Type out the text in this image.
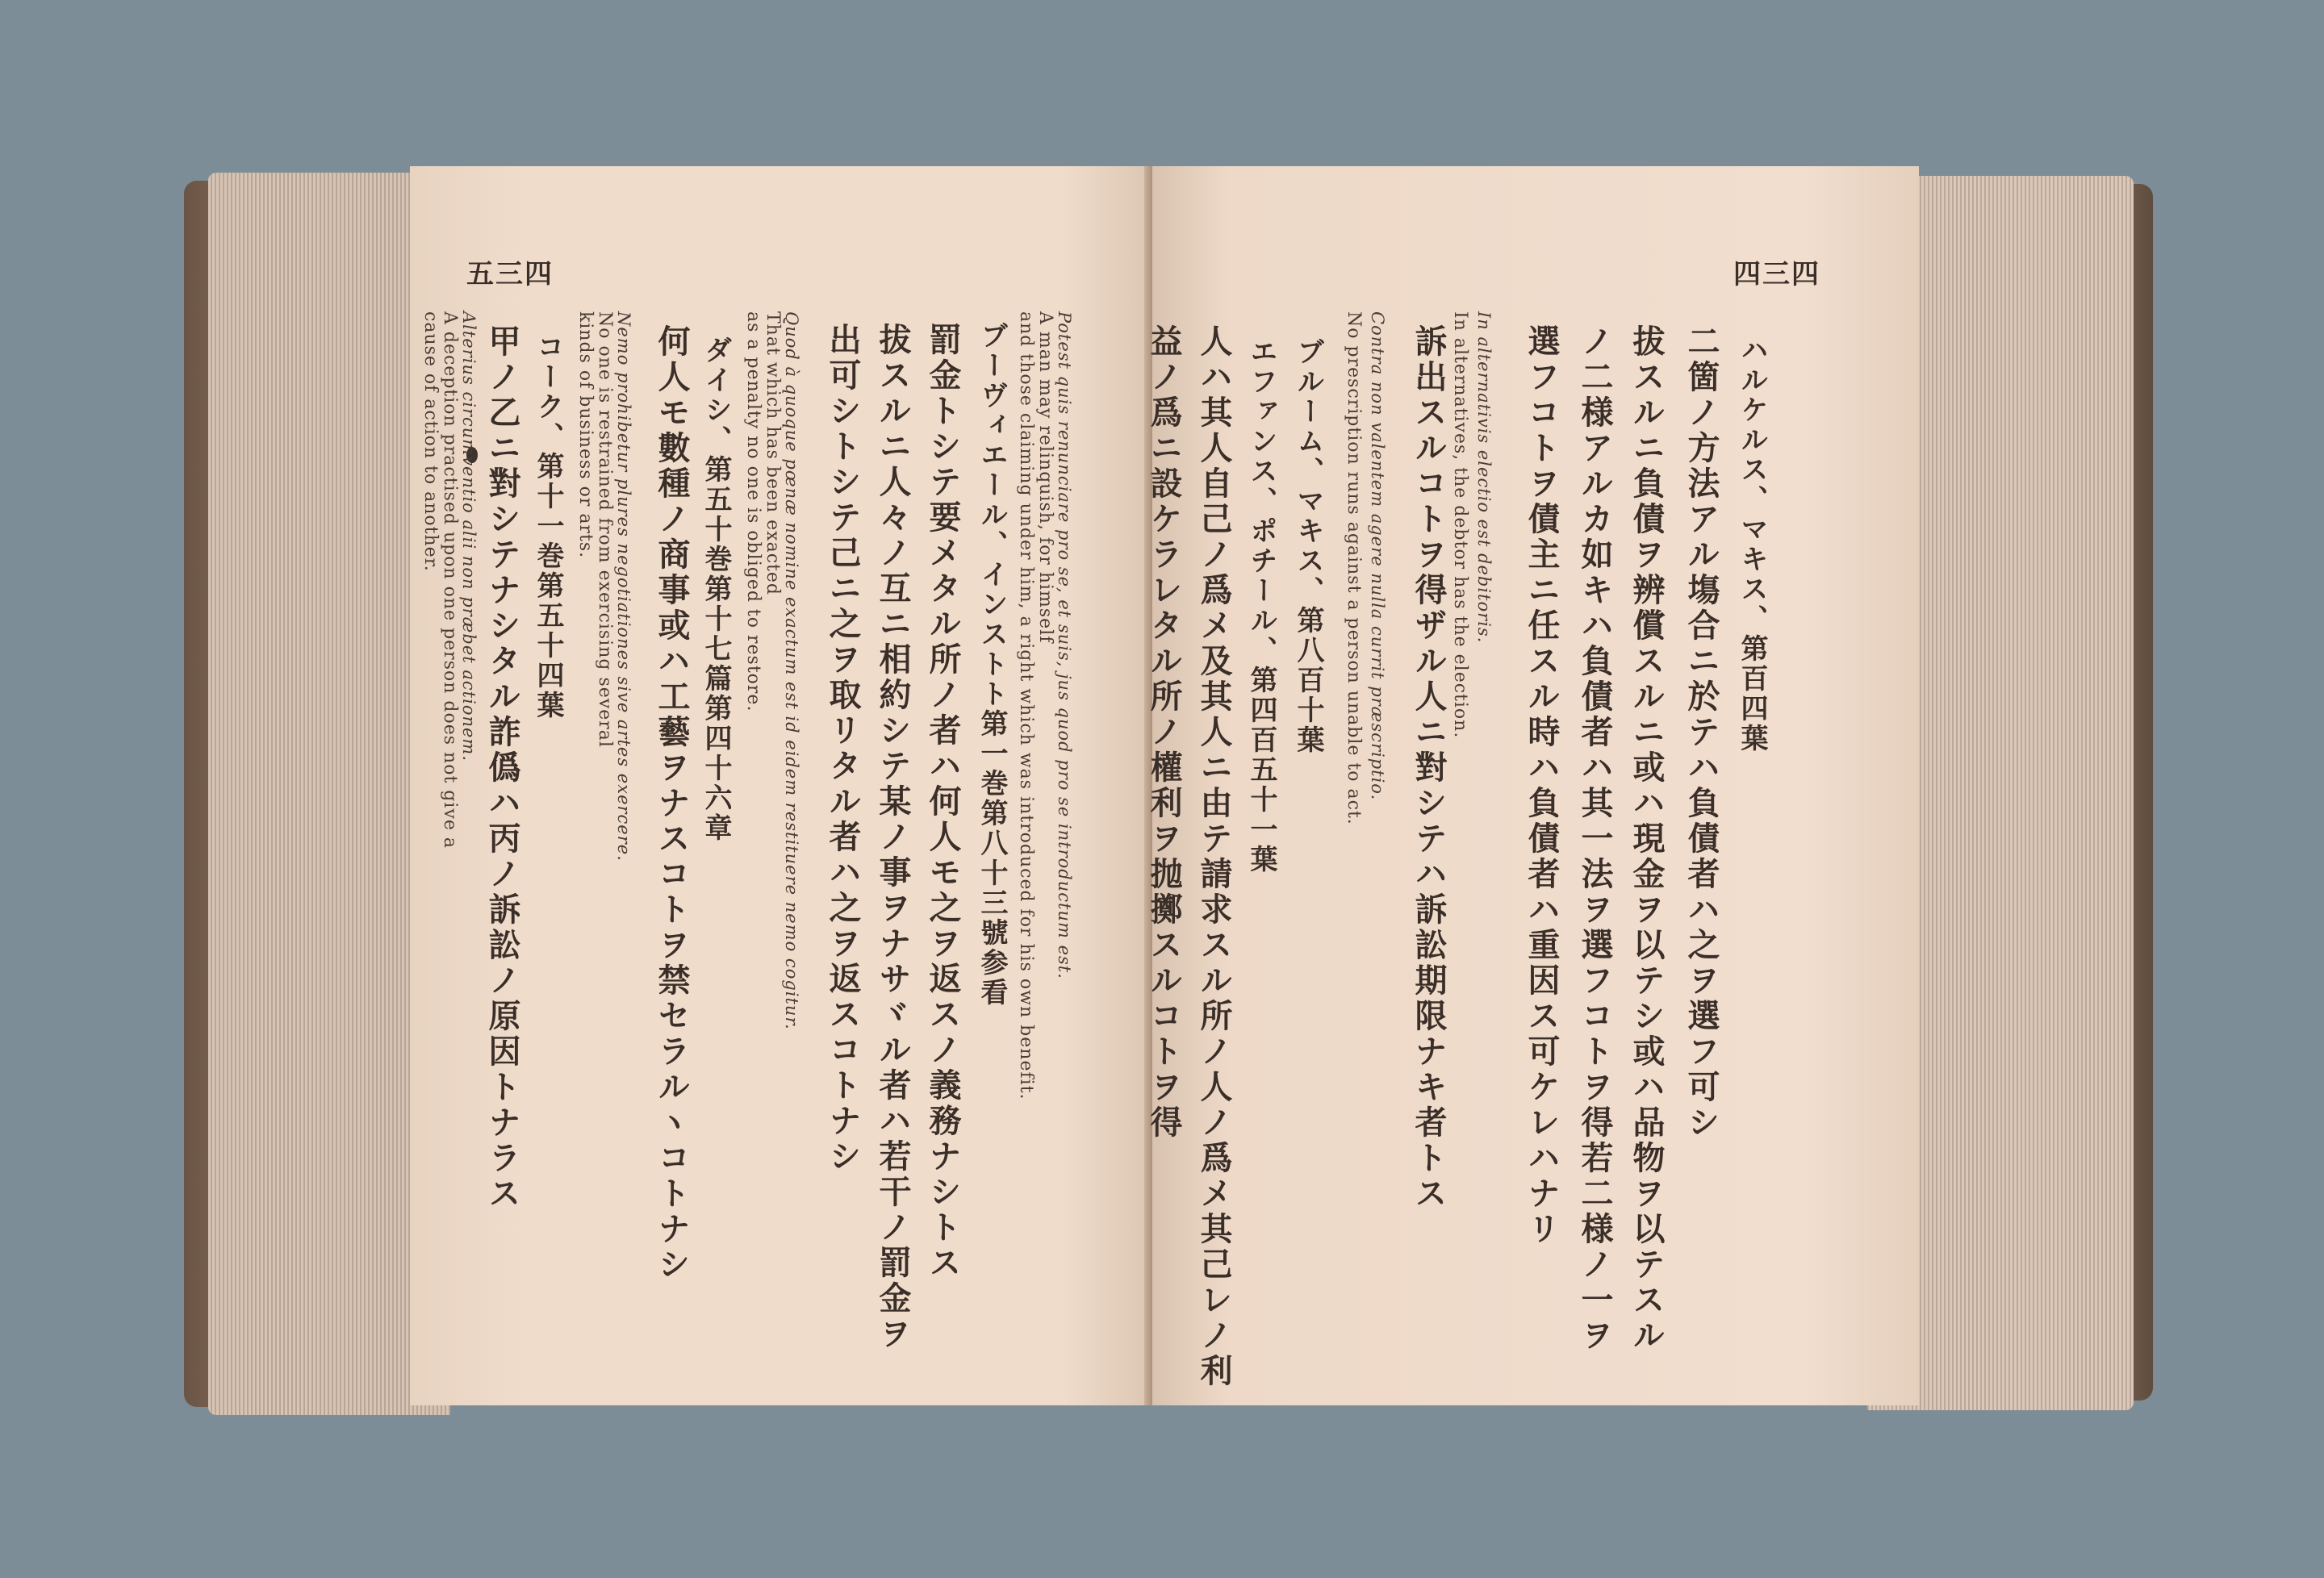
五三四
Potest quis renunciare pro se, et suis, jus quod pro se introductum est.
A man may relinquish, for himself
and those claiming under him, a right which was introduced for his own benefit.
ブーヴィエール、インストト第一巻第八十三號参看
罰金トシテ要メタル所ノ者ハ何人モ之ヲ返スノ義務ナシトス
拔スルニ人々ノ互ニ相約シテ某ノ事ヲナサヾル者ハ若干ノ罰金ヲ
出可シトシテ己ニ之ヲ取リタル者ハ之ヲ返スコトナシ
Quod à quoque pœnæ nomine exactum est id eidem restituere nemo cogitur.
That which has been exacted
as a penalty no one is obliged to restore.
ダイシ、第五十巻第十七篇第四十六章
何人モ數種ノ商事或ハ工藝ヲナスコトヲ禁セラルヽコトナシ
Nemo prohibetur plures negotiationes sive artes exercere.
No one is restrained from exercising several
kinds of business or arts.
コーク、第十一巻第五十四葉
甲ノ乙ニ對シテナシタル詐僞ハ丙ノ訴訟ノ原因トナラス
Alterius circumventio alii non præbet actionem.
A deception practised upon one person does not give a
cause of action to another.
四三四
ハルケルス、マキス、第百四葉
二箇ノ方法アル塲合ニ於テハ負債者ハ之ヲ選フ可シ
拔スルニ負債ヲ辨償スルニ或ハ現金ヲ以テシ或ハ品物ヲ以テスル
ノ二様アルカ如キハ負債者ハ其一法ヲ選フコトヲ得若二様ノ一ヲ
選フコトヲ債主ニ任スル時ハ負債者ハ重因ス可ケレハナリ
In alternativis electio est debitoris.
In alternatives, the debtor has the election.
訴出スルコトヲ得ザル人ニ對シテハ訴訟期限ナキ者トス
Contra non valentem agere nulla currit præscriptio.
No prescription runs against a person unable to act.
ブルーム、マキス、第八百十葉
エファンス、ポチール、第四百五十一葉
人ハ其人自己ノ爲メ及其人ニ由テ請求スル所ノ人ノ爲メ其己レノ利
益ノ爲ニ設ケラレタル所ノ權利ヲ抛擲スルコトヲ得
